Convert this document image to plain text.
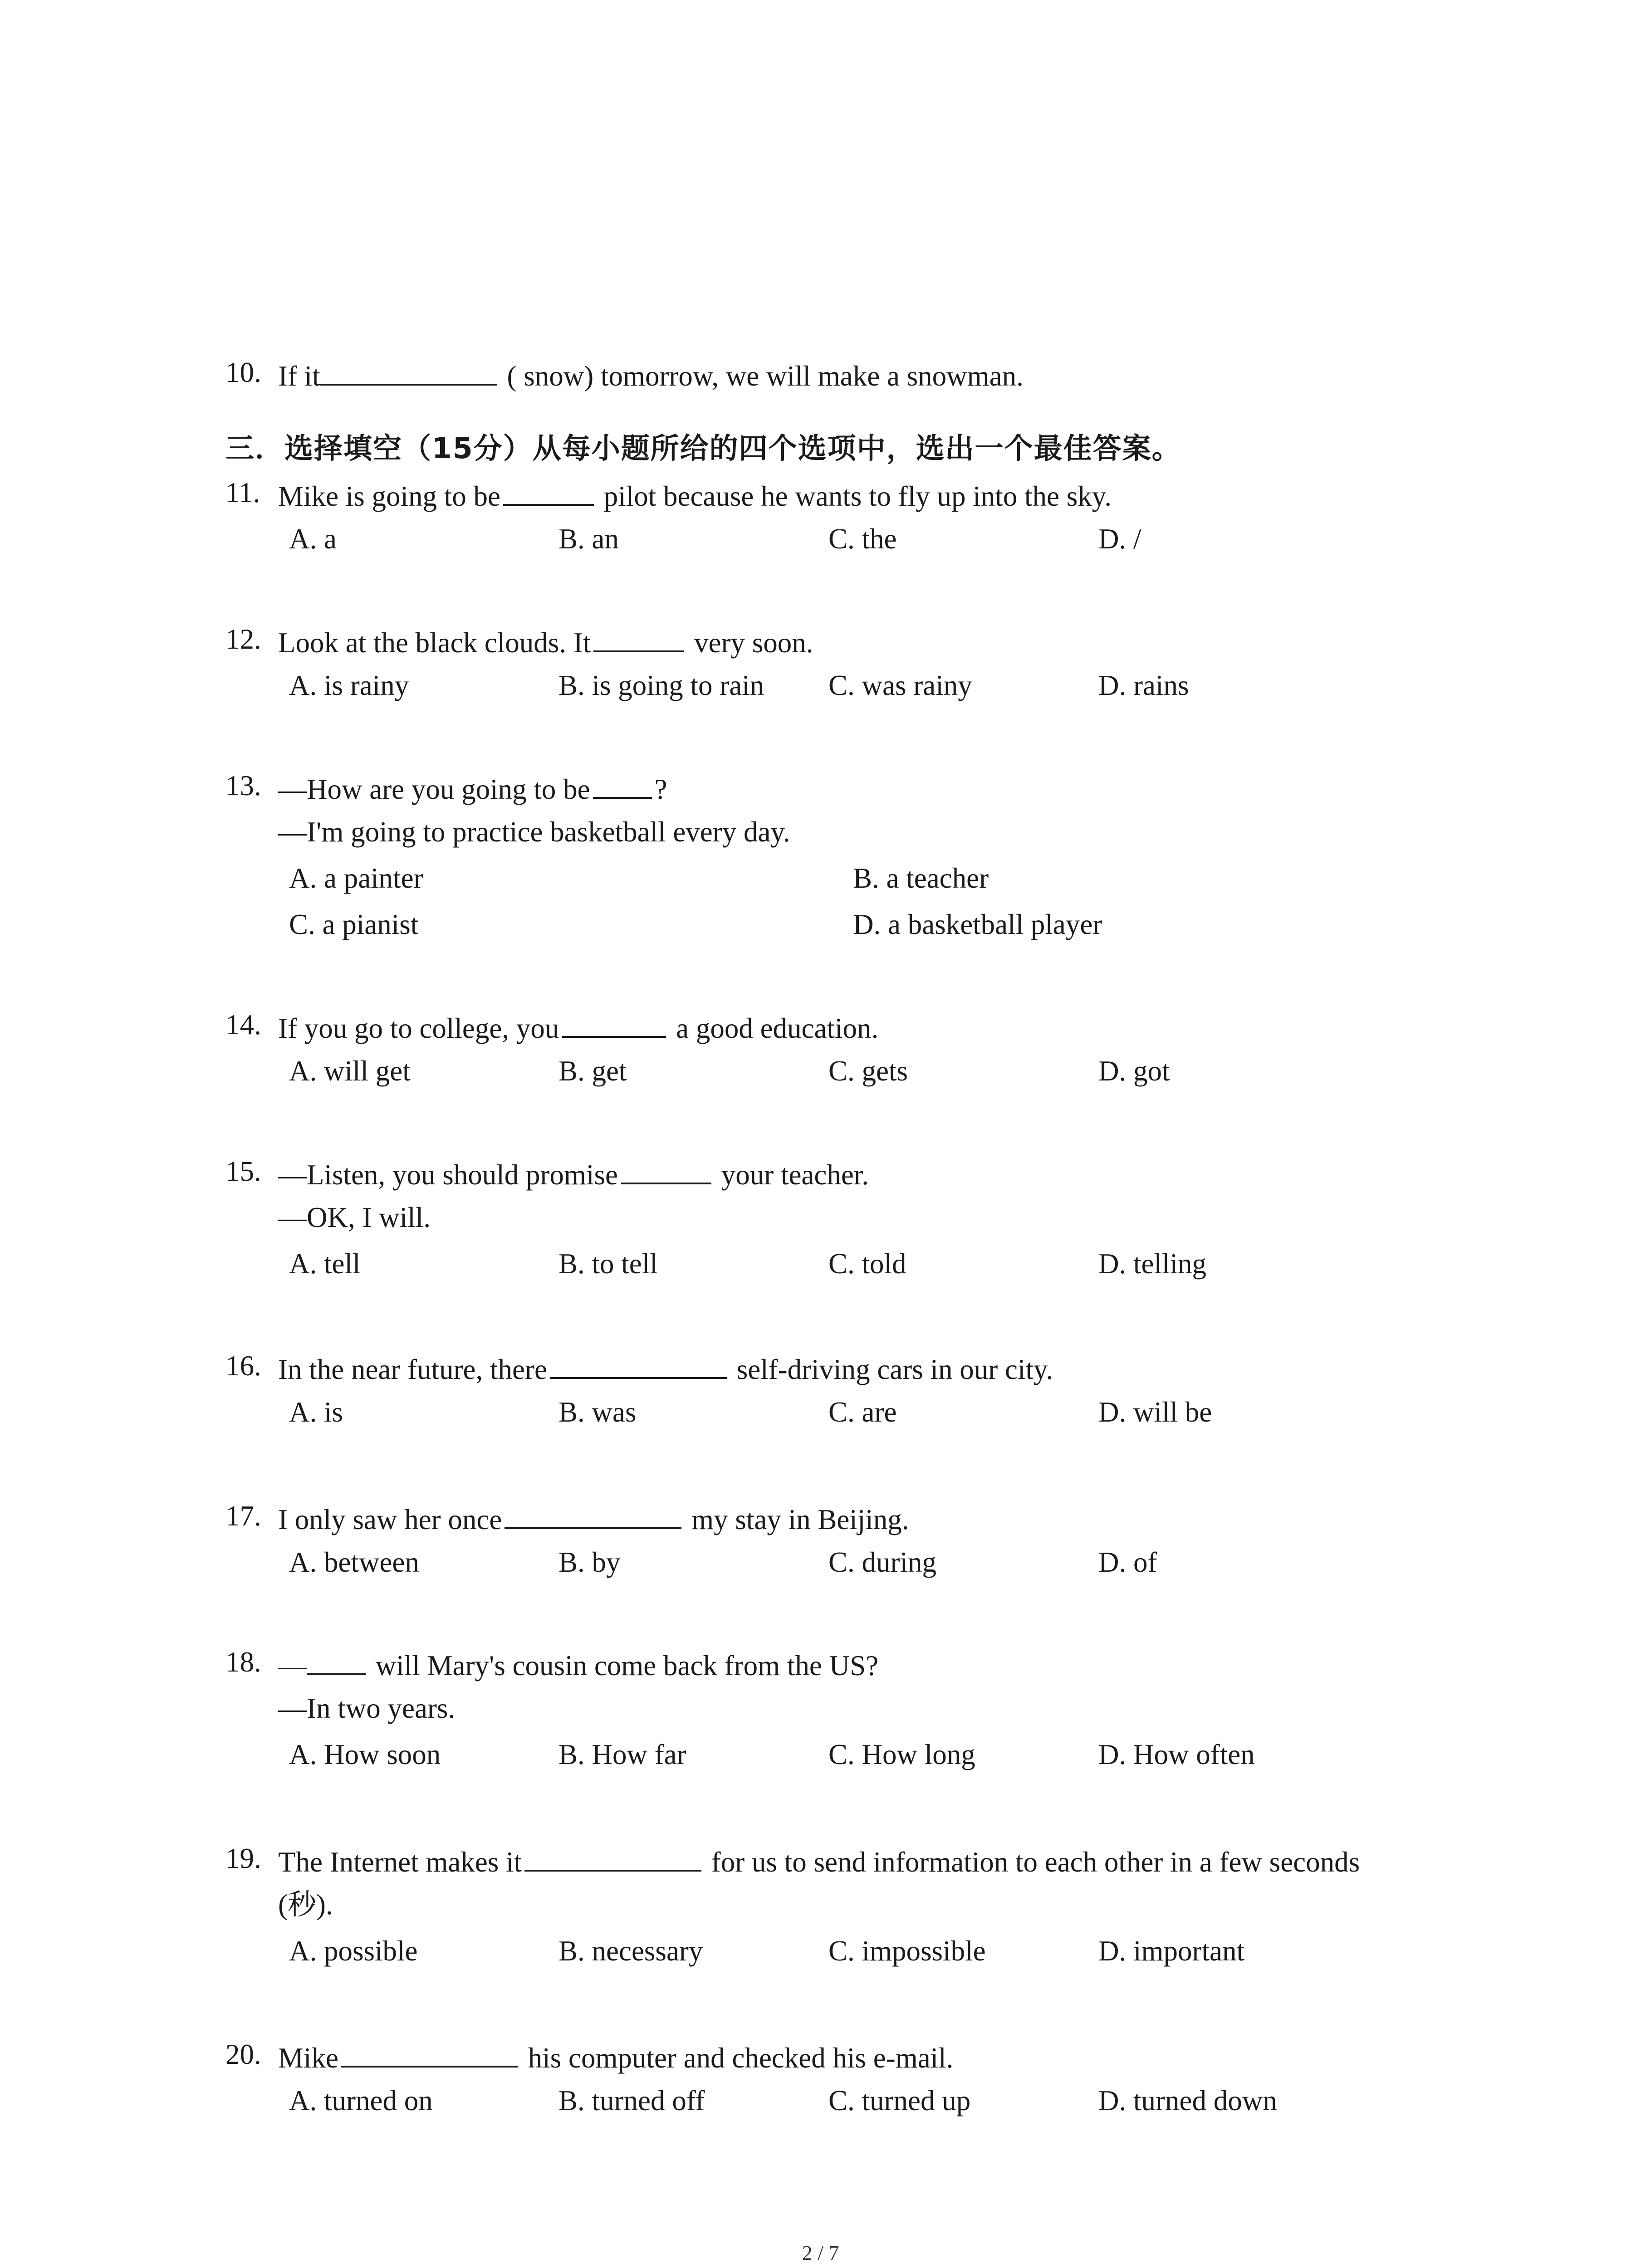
10. If it	( snow) tomorrow, we will make a snowman.
三．选择填空（15分）从每小题所给的四个选项中，选出一个最佳答案。
11. Mike is going to be	pilot because he wants to fly up into the sky.
A. a	B. an	C. the	D. /
12. Look at the black clouds. It	very soon.
A. is rainy	B. is going to rain C. was rainy	D. rains
13. —How are you going to be ?
—I'm going to practice basketball every day.
A. a painter	B. a teacher
C. a pianist	D. a basketball player
14. If you go to college, you	a good education.
A. will get	B. get	C. gets	D. got
15. —Listen, you should promise	your teacher.
—OK, I will.
A. tell	B. to tell	C. told	D. telling
16. In the near future, there	self-driving cars in our city.
A. is	B. was	C. are	D. will be
17. I only saw her once	my stay in Beijing.
A. between	B. by	C. during	D. of
18. — will Mary's cousin come back from the US?
—In two years.
A. How soon	B. How far	C. How long	D. How often
19. The Internet makes it	for us to send information to each other in a few seconds
(秒).
A. possible	B. necessary	C. impossible	D. important
20. Mike	his computer and checked his e-mail.
A. turned on	B. turned off	C. turned up	D. turned down
2 / 7
